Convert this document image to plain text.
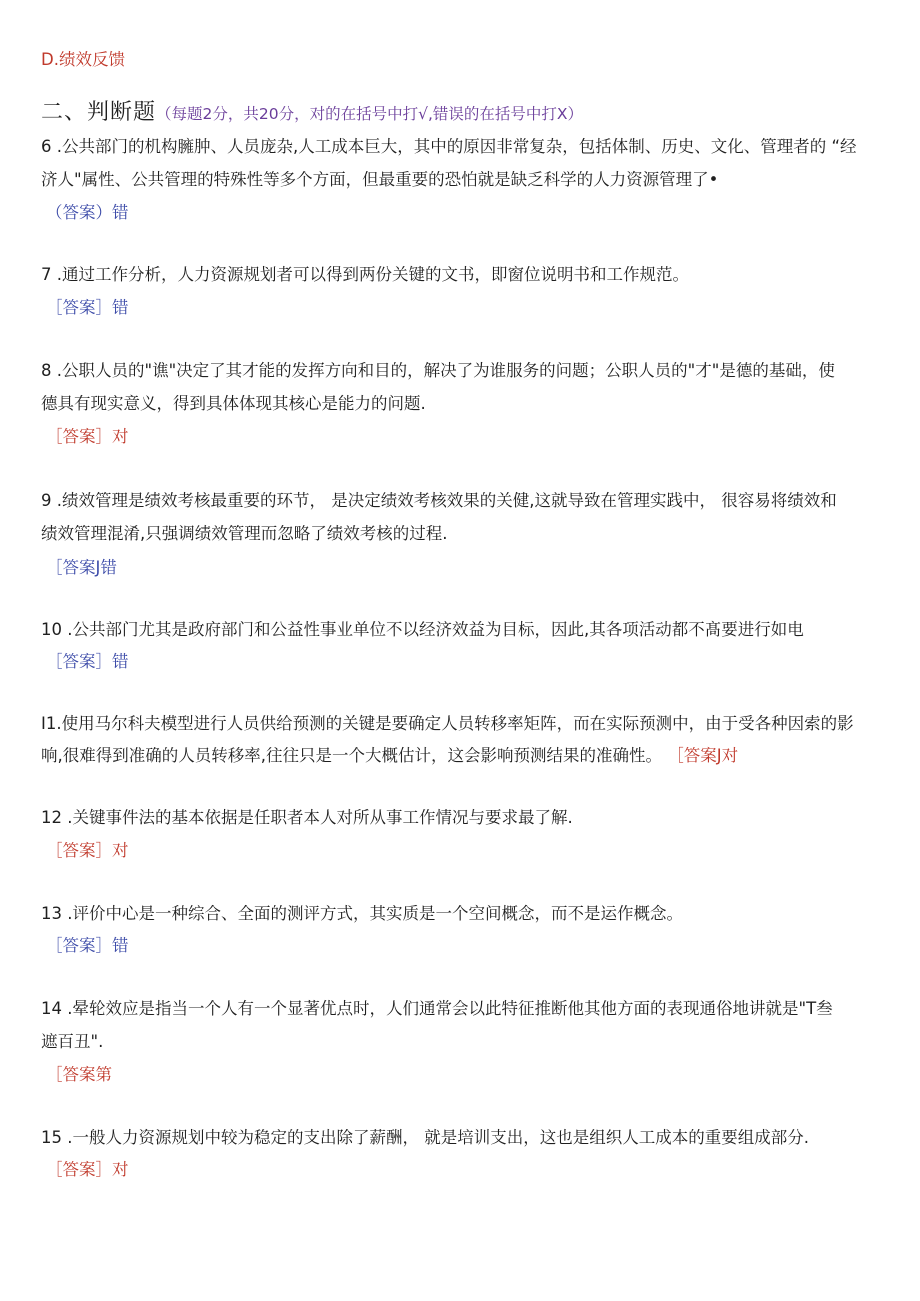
D.绩效反馈
二、判断题（每题2分，共20分，对的在括号中打√,错误的在括号中打X）
6 .公共部门的机构臃肿、人员庞杂,人工成本巨大，其中的原因非常复杂，包括体制、历史、文化、管理者的 “经
济人"属性、公共管理的特殊性等多个方面，但最重要的恐怕就是缺乏科学的人力资源管理了•
（答案）错
7 .通过工作分析，人力资源规划者可以得到两份关键的文书，即窗位说明书和工作规范。
［答案］错
8 .公职人员的"谯"决定了其才能的发挥方向和目的，解决了为谁服务的问题；公职人员的"才"是德的基础，使
德具有现实意义，得到具体体现其核心是能力的问题.
［答案］对
9 .绩效管理是绩效考核最重要的环节， 是决定绩效考核效果的关健,这就导致在管理实践中， 很容易将绩效和
绩效管理混淆,只强调绩效管理而忽略了绩效考核的过程.
［答案J错
10 .公共部门尤其是政府部门和公益性事业单位不以经济效益为目标，因此,其各项活动都不髙要进行如电
［答案］错
I1.使用马尔科夫模型进行人员供给预测的关键是要确定人员转移率矩阵，而在实际预测中，由于受各种因索的影
响,很难得到准确的人员转移率,往往只是一个大概估计，这会影响预测结果的准确性。 ［答案J对
12 .关键事件法的基本依据是任职者本人对所从事工作情况与要求最了解.
［答案］对
13 .评价中心是一种综合、全面的测评方式，其实质是一个空间概念，而不是运作概念。
［答案］错
14 .晕轮效应是指当一个人有一个显著优点时，人们通常会以此特征推断他其他方面的表现通俗地讲就是"T叁
遮百丑".
［答案第
15 .一般人力资源规划中较为稳定的支出除了薪酬， 就是培训支出，这也是组织人工成本的重要组成部分.
［答案］对
